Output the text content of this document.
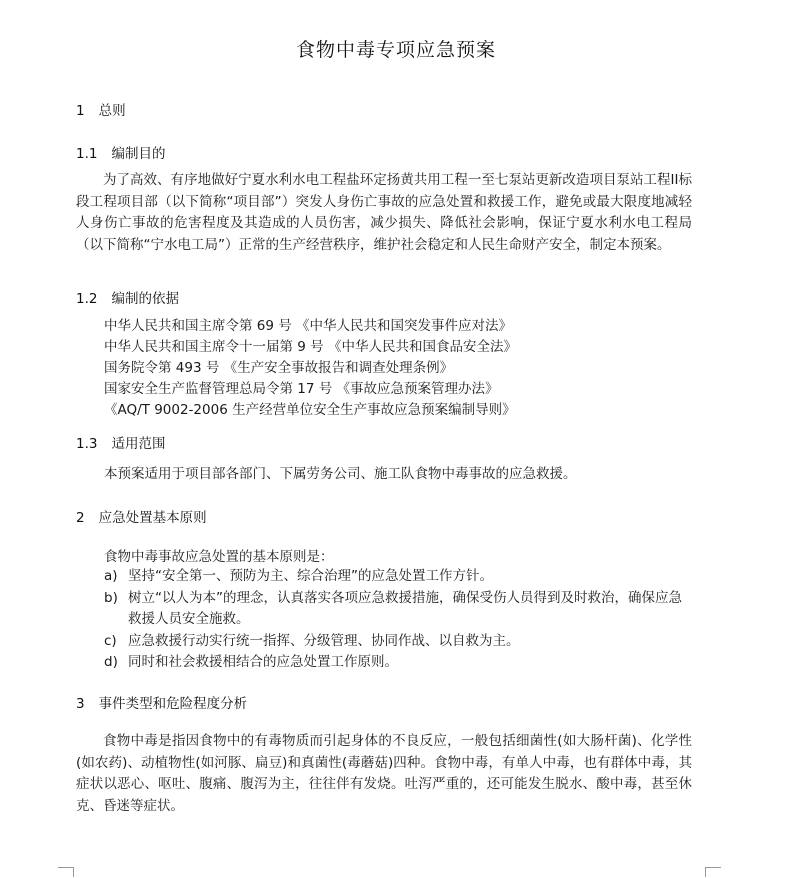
食物中毒专项应急预案
1 总则
1.1 编制目的
为了高效、有序地做好宁夏水利水电工程盐环定扬黄共用工程一至七泵站更新改造项目泵站工程II标段工程项目部（以下简称“项目部”）突发人身伤亡事故的应急处置和救援工作，避免或最大限度地减轻人身伤亡事故的危害程度及其造成的人员伤害，减少损失、降低社会影响，保证宁夏水利水电工程局（以下简称“宁水电工局”）正常的生产经营秩序，维护社会稳定和人民生命财产安全，制定本预案。
1.2 编制的依据
中华人民共和国主席令第 69 号 《中华人民共和国突发事件应对法》
中华人民共和国主席令十一届第 9 号 《中华人民共和国食品安全法》
国务院令第 493 号 《生产安全事故报告和调查处理条例》
国家安全生产监督管理总局令第 17 号 《事故应急预案管理办法》
《AQ/T 9002-2006 生产经营单位安全生产事故应急预案编制导则》
1.3 适用范围
本预案适用于项目部各部门、下属劳务公司、施工队食物中毒事故的应急救援。
2 应急处置基本原则
食物中毒事故应急处置的基本原则是：
a) 坚持“安全第一、预防为主、综合治理”的应急处置工作方针。
b) 树立“以人为本”的理念，认真落实各项应急救援措施，确保受伤人员得到及时救治，确保应急救援人员安全施救。
c) 应急救援行动实行统一指挥、分级管理、协同作战、以自救为主。
d) 同时和社会救援相结合的应急处置工作原则。
3 事件类型和危险程度分析
食物中毒是指因食物中的有毒物质而引起身体的不良反应，一般包括细菌性(如大肠杆菌)、化学性(如农药)、动植物性(如河豚、扁豆)和真菌性(毒蘑菇)四种。食物中毒，有单人中毒，也有群体中毒，其症状以恶心、呕吐、腹痛、腹泻为主，往往伴有发烧。吐泻严重的，还可能发生脱水、酸中毒，甚至休克、昏迷等症状。
